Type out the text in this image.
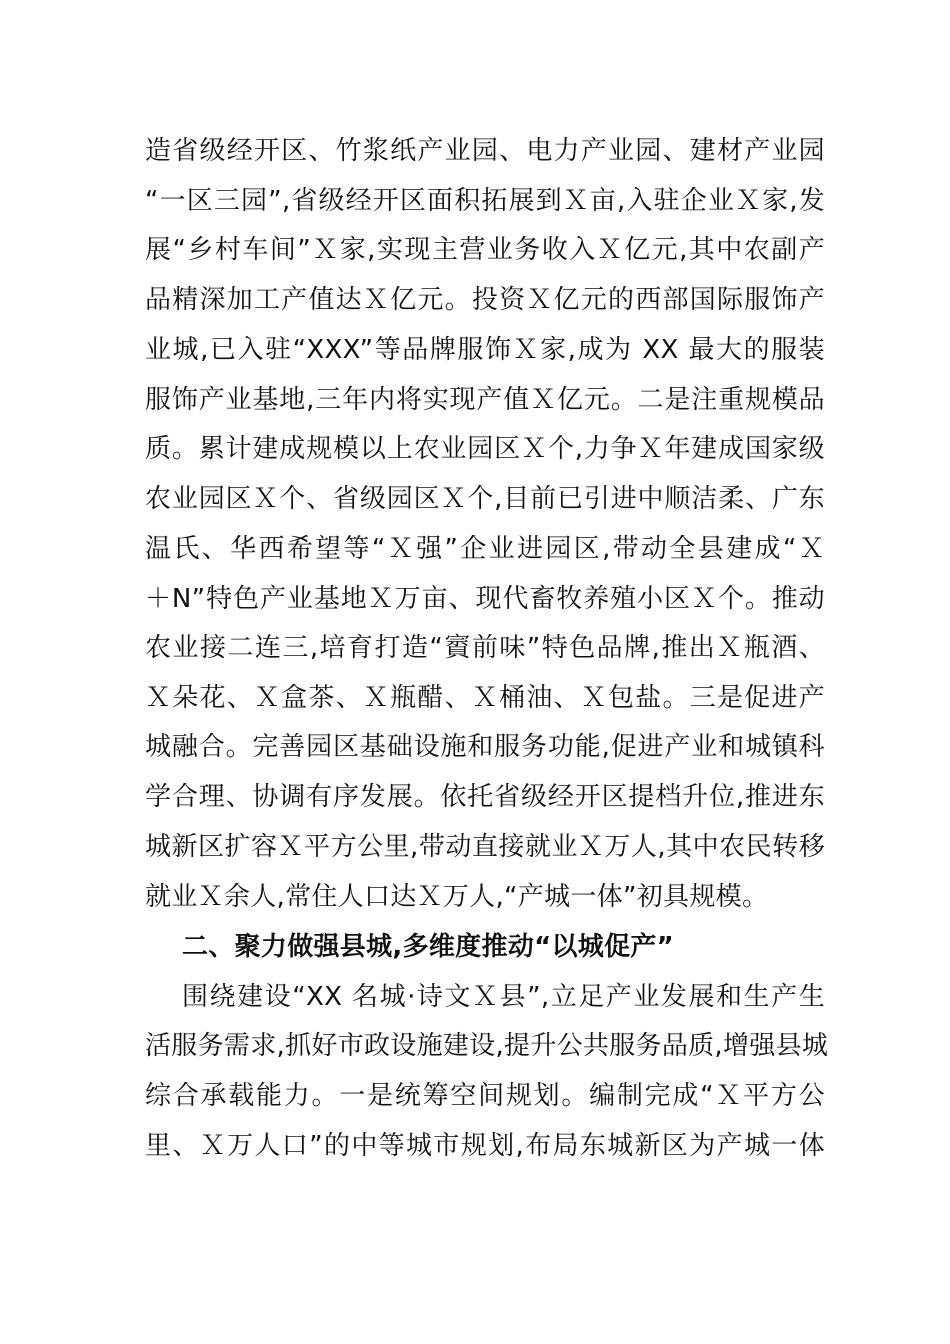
造省级经开区、竹浆纸产业园、电力产业园、建材产业园
“一区三园”,省级经开区面积拓展到Ｘ亩,入驻企业Ｘ家,发
展“乡村车间”Ｘ家,实现主营业务收入Ｘ亿元,其中农副产
品精深加工产值达Ｘ亿元。投资Ｘ亿元的西部国际服饰产
业城,已入驻“XXX”等品牌服饰Ｘ家,成为 XX 最大的服装
服饰产业基地,三年内将实现产值Ｘ亿元。二是注重规模品
质。累计建成规模以上农业园区Ｘ个,力争Ｘ年建成国家级
农业园区Ｘ个、省级园区Ｘ个,目前已引进中顺洁柔、广东
温氏、华西希望等“Ｘ强”企业进园区,带动全县建成“Ｘ
＋N”特色产业基地Ｘ万亩、现代畜牧养殖小区Ｘ个。推动
农业接二连三,培育打造“賨前味”特色品牌,推出Ｘ瓶酒、
Ｘ朵花、Ｘ盒茶、Ｘ瓶醋、Ｘ桶油、Ｘ包盐。三是促进产
城融合。完善园区基础设施和服务功能,促进产业和城镇科
学合理、协调有序发展。依托省级经开区提档升位,推进东
城新区扩容Ｘ平方公里,带动直接就业Ｘ万人,其中农民转移
就业Ｘ余人,常住人口达Ｘ万人,“产城一体”初具规模。
二、聚力做强县城,多维度推动“以城促产”
围绕建设“XX 名城·诗文Ｘ县”,立足产业发展和生产生
活服务需求,抓好市政设施建设,提升公共服务品质,增强县城
综合承载能力。一是统筹空间规划。编制完成“Ｘ平方公
里、Ｘ万人口”的中等城市规划,布局东城新区为产城一体
